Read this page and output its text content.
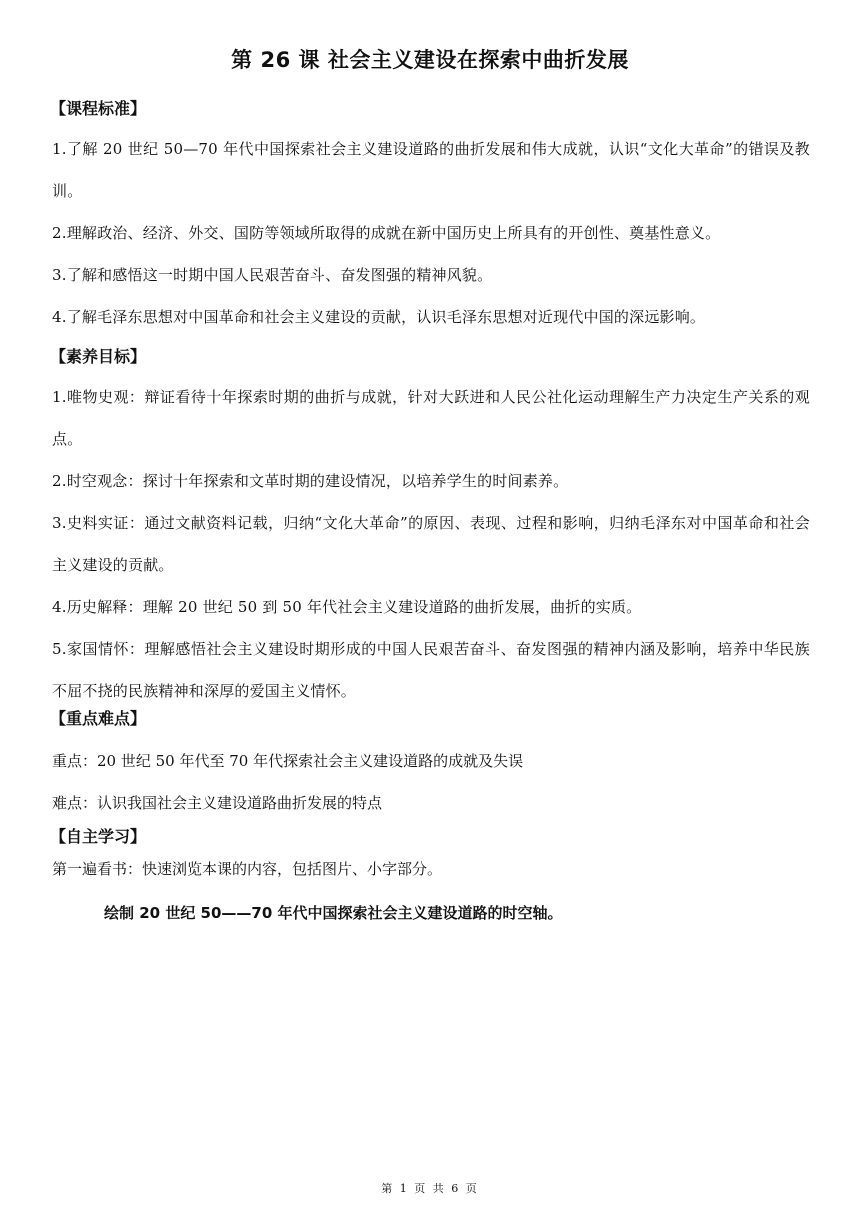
第 26 课 社会主义建设在探索中曲折发展
【课程标准】
1.了解 20 世纪 50—70 年代中国探索社会主义建设道路的曲折发展和伟大成就，认识“文化大革命”的错误及教训。
2.理解政治、经济、外交、国防等领域所取得的成就在新中国历史上所具有的开创性、奠基性意义。
3.了解和感悟这一时期中国人民艰苦奋斗、奋发图强的精神风貌。
4.了解毛泽东思想对中国革命和社会主义建设的贡献，认识毛泽东思想对近现代中国的深远影响。
【素养目标】
1.唯物史观：辩证看待十年探索时期的曲折与成就，针对大跃进和人民公社化运动理解生产力决定生产关系的观点。
2.时空观念：探讨十年探索和文革时期的建设情况，以培养学生的时间素养。
3.史料实证：通过文献资料记载，归纳“文化大革命”的原因、表现、过程和影响，归纳毛泽东对中国革命和社会主义建设的贡献。
4.历史解释：理解 20 世纪 50 到 50 年代社会主义建设道路的曲折发展，曲折的实质。
5.家国情怀：理解感悟社会主义建设时期形成的中国人民艰苦奋斗、奋发图强的精神内涵及影响，培养中华民族不屈不挠的民族精神和深厚的爱国主义情怀。
【重点难点】
重点：20 世纪 50 年代至 70 年代探索社会主义建设道路的成就及失误
难点：认识我国社会主义建设道路曲折发展的特点
【自主学习】
第一遍看书：快速浏览本课的内容，包括图片、小字部分。
绘制 20 世纪 50——70 年代中国探索社会主义建设道路的时空轴。
第 1 页 共 6 页
